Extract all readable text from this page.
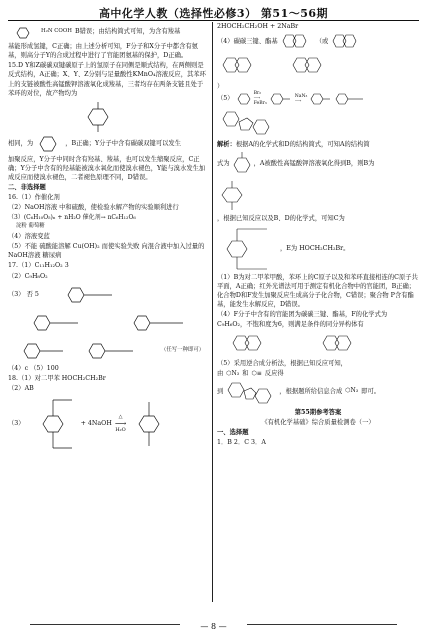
高中化学人教（选择性必修3） 第51～56期
H₂N COOH B错误；由结构简式可知，为含有羧基

基能形成氢键，C正确；由上述分析可知，F分子和X分子中都含有氨基，则高分子Y的合成过程中进行了官能团氨基的保护，D正确。

15.D Y和Z碳碳双键碳原子上的氢原子在同侧是顺式结构，在两侧则是反式结构，A正确；X、Y、Z分别与足量酸性KMnO₄溶液反应，其苯环上的支链被酸性高锰酸钾溶液氧化成羧基，三者均存在两条支链且处于苯环的对位，故产物均为

相同，为	，B正确；Y分子中含有碳碳双键可以发生

加聚反应，Y分子中同时含有羟基、羧基，也可以发生缩聚反应，C正确；Y分子中含有的羟基能被溴水氧化而使溴水褪色，Y能与溴水发生加成反应而使溴水褪色，二者褪色原理不同，D错误。

二、非选择题

16.（1）作催化剂

（2）NaOH溶液 中和硫酸，使检验水解产物的实验顺利进行

（3）(C₆H₁₀O₅)ₙ + nH₂O 催化剂→ nC₆H₁₂O₆

淀粉 葡萄糖

（4）溶液变蓝

（5）不能 硫酸能溶解 Cu(OH)₂ 而使实验失败 向混合液中加入过量的NaOH溶液 糖尿病

17.（1）C₁₁H₁₂O₂ 3

（2）C₉H₈O₂

（3） 否 5
（任写一种即可）

（4）c （5）100

18.（1）对二甲苯 HOCH₂CH₂Br

（2）AB

（3）	+ 4NaOH
△
⟶
H₂O

2HOCH₂CH₂OH + 2NaBr

（4）碳碳三键、酯基	（或
）
（5）
Br₂
⟶
FeBr₃
NaN₃
⟶

解析：根据A的化学式和D的结构简式，可知A的结构简

式为	，A被酸性高锰酸钾溶液氧化得到B，则B为

，根据已知反应以及B、D的化学式，可知C为

，E为 HOCH₂CH₂Br。

（1）B为对二甲苯甲酸，苯环上的C原子以及和苯环直接相连的C原子共平面，A正确；红外光谱法可用于测定有机化合物中的官能团，B正确；化合物D和F发生加聚反应生成高分子化合物，C错误；聚合物 P含有酯基，能发生水解反应，D错误。

（4）F分子中含有的官能团为碳碳三键、酯基，F的化学式为

C₉H₆O₂，不饱和度为6，则满足条件的同分异构体有

（5）采用逆合成分析法，根据已知反应可知，

由 ⬡N₃ 和 ⬡≡ 反应得
到	，根据题所给信息合成 ⬡N₃ 即可。

第55期参考答案

《有机化学基础》综合质量检测卷（一）

一、选择题

1．B 2．C 3．A

— 8 —
